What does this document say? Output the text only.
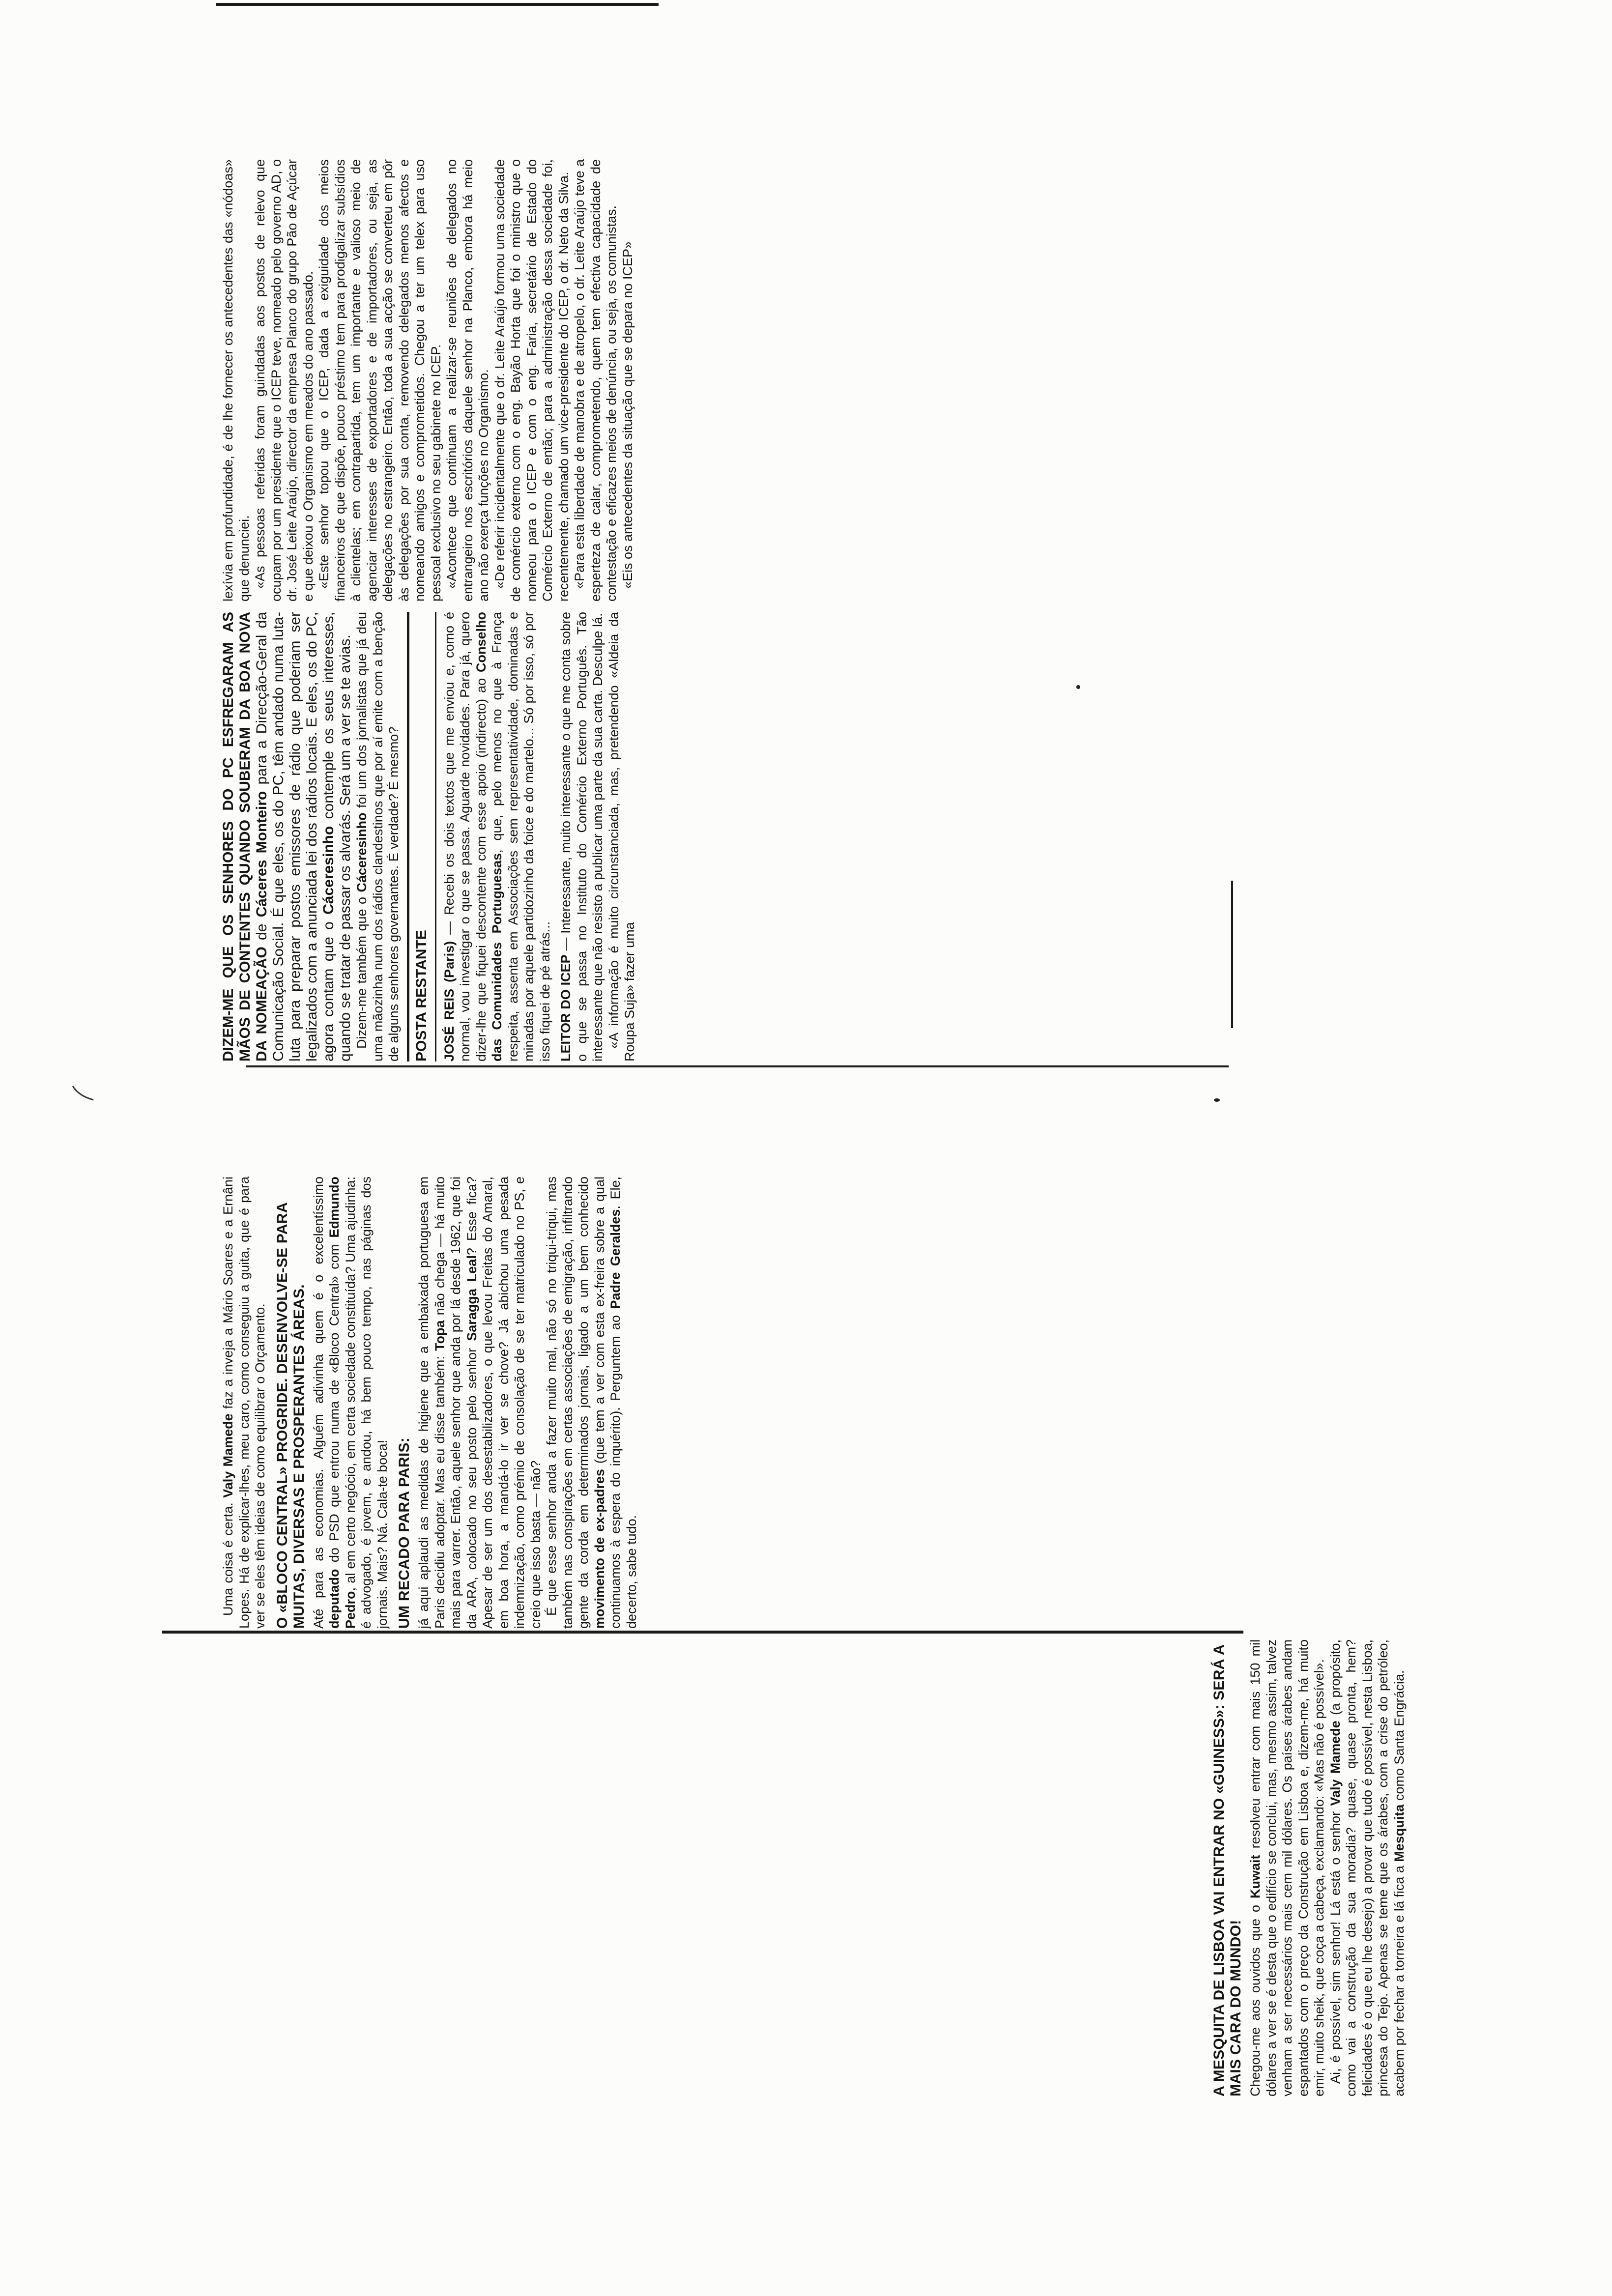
A MESQUITA DE LISBOA VAI ENTRAR NO «GUINESS»: SERÁ A MAIS CARA DO MUNDO! Chegou-me aos ouvidos que o Kuwait resolveu entrar com mais 150 mil dólares a ver se é desta que o edifício se conclui, mas, mesmo assim, talvez venham a ser necessários mais cem mil dólares. Os países árabes andam espantados com o preço da Construção em Lisboa e, dizem-me, há muito emir, muito sheik, que coça a cabeça, exclamando: «Mas não é possível». Ai, é possível, sim senhor! Lá está o senhor Valy Mamede (a propósito, como vai a construção da sua moradia? quase, quase pronta, hem? felicidades é o que eu lhe desejo) a provar que tudo é possível, nesta Lisboa, princesa do Tejo. Apenas se teme que os árabes, com a crise do petróleo, acabem por fechar a torneira e lá fica a Mesquita como Santa Engrácia.

Uma coisa é certa. Valy Mamede faz a inveja a Mário Soares e a Ernâni Lopes. Há de explicar-lhes, meu caro, como conseguiu a guita, que é para ver se eles têm ideias de como equilibrar o Orçamento. O «BLOCO CENTRAL» PROGRIDE. DESENVOLVE-SE PARA MUITAS, DIVERSAS E PROSPERANTES ÁREAS. Até para as economias. Alguém adivinha quem é o excelentíssimo deputado do PSD que entrou numa de «Bloco Central» com Edmundo Pedro, al em certo negócio, em certa sociedade constituída? Uma ajudinha: é advogado, é jovem, e andou, há bem pouco tempo, nas páginas dos jornais. Mais? Ná. Cala-te boca! UM RECADO PARA PARIS: já aqui aplaudi as medidas de higiene que a embaixada portuguesa em Paris decidiu adoptar. Mas eu disse também: Topa não chega — há muito mais para varrer. Então, aquele senhor que anda por lá desde 1962, que foi da ARA, colocado no seu posto pelo senhor Saragga Leal? Esse fica? Apesar de ser um dos desestabilizadores, o que levou Freitas do Amaral, em boa hora, a mandá-lo ir ver se chove? Já abichou uma pesada indemnização, como prémio de consolação de se ter matriculado no PS, e creio que isso basta — não? É que esse senhor anda a fazer muito mal, não só no triqui-triqui, mas também nas conspirações em certas associações de emigração, infiltrando gente da corda em determinados jornais, ligado a um bem conhecido movimento de ex-padres (que tem a ver com esta ex-freira sobre a qual continuamos à espera do inquérito). Perguntem ao Padre Geraldes. Ele, decerto, sabe tudo.

DIZEM-ME QUE OS SENHORES DO PC ESFREGARAM AS MÃOS DE CONTENTES QUANDO SOUBERAM DA BOA NOVA DA NOMEAÇÃO de Cáceres Monteiro para a Direcção-Geral da Comunicação Social. É que eles, os do PC, têm andado numa luta-luta para preparar postos emissores de rádio que poderiam ser legalizados com a anunciada lei dos rádios locais. E eles, os do PC, agora contam que o Cáceresinho contemple os seus interesses, quando se tratar de passar os alvarás. Será um a ver se te avias. Dizem-me também que o Cáceresinho foi um dos jornalistas que já deu uma mãozinha num dos rádios clandestinos que por aí emite com a benção de alguns senhores governantes. É verdade? É mesmo? POSTA RESTANTE JOSÉ REIS (Paris) — Recebi os dois textos que me enviou e, como é normal, vou investigar o que se passa. Aguarde novidades. Para já, quero dizer-lhe que fiquei descontente com esse apoio (indirecto) ao Conselho das Comunidades Portuguesas, que, pelo menos no que à França respeita, assenta em Associações sem representatividade, dominadas e minadas por aquele partidozinho da foice e do martelo... Só por isso, só por isso fiquei de pé atrás... LEITOR DO ICEP — Interessante, muito interessante o que me conta sobre o que se passa no Instituto do Comércio Externo Português. Tão interessante que não resisto a publicar uma parte da sua carta. Desculpe lá. «A informação é muito circunstanciada, mas, pretendendo «Aldeia da Roupa Suja» fazer uma

lexívia em profundidade, é de lhe fornecer os antecedentes das «nódoas» que denunciei. «As pessoas referidas foram guindadas aos postos de relevo que ocupam por um presidente que o ICEP teve, nomeado pelo governo AD, o dr. José Leite Araújo, director da empresa Planco do grupo Pão de Açúcar e que deixou o Organismo em meados do ano passado. «Este senhor topou que o ICEP, dada a exiguidade dos meios financeiros de que dispõe, pouco préstimo tem para prodigalizar subsídios à clientelas; em contrapartida, tem um importante e valioso meio de agenciar interesses de exportadores e de importadores, ou seja, as delegações no estrangeiro. Então, toda a sua acção se converteu em pôr às delegações por sua conta, removendo delegados menos afectos e nomeando amigos e comprometidos. Chegou a ter um telex para uso pessoal exclusivo no seu gabinete no ICEP. «Acontece que continuam a realizar-se reuniões de delegados no entrangeiro nos escritórios daquele senhor na Planco, embora há meio ano não exerça funções no Organismo. «De referir incidentalmente que o dr. Leite Araújo formou uma sociedade de comércio externo com o eng. Bayão Horta que foi o ministro que o nomeou para o ICEP e com o eng. Faria, secretário de Estado do Comércio Externo de então; para a administração dessa sociedade foi, recentemente, chamado um vice-presidente do ICEP, o dr. Neto da Silva. «Para esta liberdade de manobra e de atropelo, o dr. Leite Araújo teve a esperteza de calar, comprometendo, quem tem efectiva capacidade de contestação e eficazes meios de denúncia, ou seja, os comunistas. «Eis os antecedentes da situação que se depara no ICEP»
